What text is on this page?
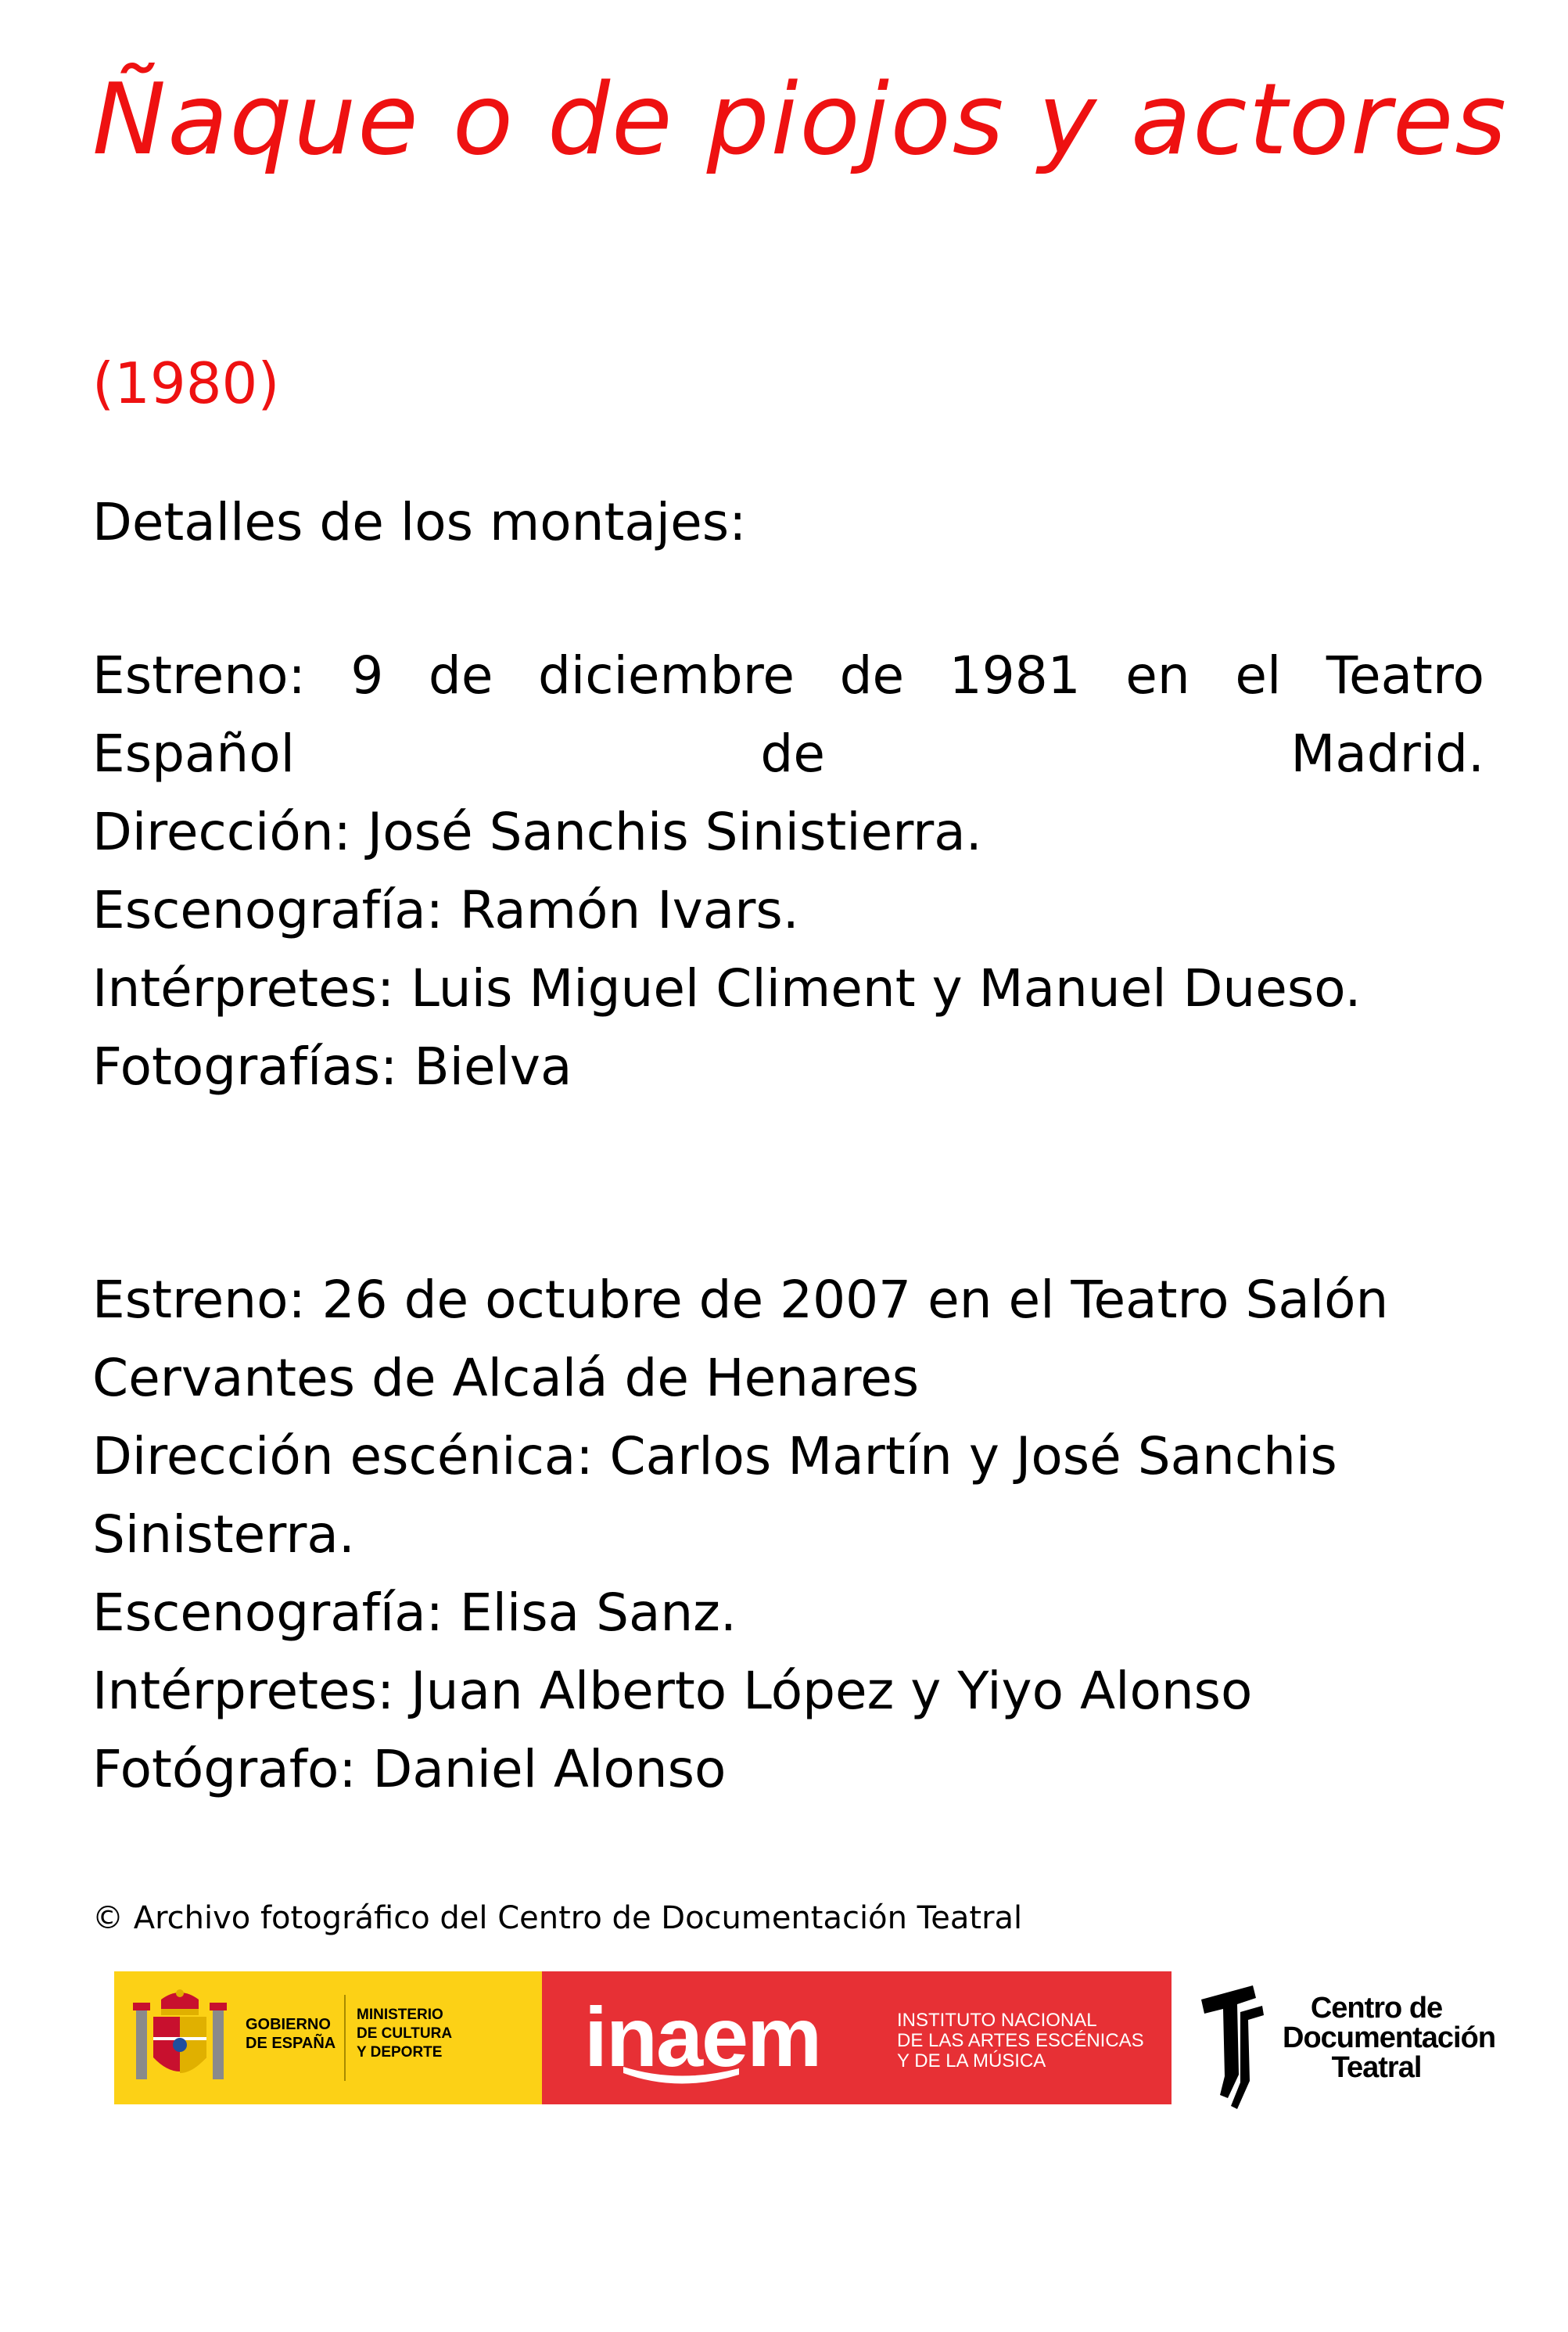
Ñaque o de piojos y actores
(1980)
Detalles de los montajes:

Estreno: 9 de diciembre de 1981 en el Teatro Español de Madrid.

Dirección: José Sanchis Sinistierra.

Escenografía: Ramón Ivars.

Intérpretes: Luis Miguel Climent y Manuel Dueso.

Fotografías: Bielva

Estreno: 26 de octubre de 2007 en el Teatro Salón Cervantes de Alcalá de Henares

Dirección escénica: Carlos Martín y José Sanchis Sinisterra.

Escenografía: Elisa Sanz.

Intérpretes: Juan Alberto López y Yiyo Alonso

Fotógrafo: Daniel Alonso

© Archivo fotográfico del Centro de Documentación Teatral
GOBIERNO
DE ESPAÑA
MINISTERIO
DE CULTURA
Y DEPORTE inaem	INSTITUTO NACIONAL
DE LAS ARTES ESCÉNICAS
Y DE LA MÚSICA
Centro de
Documentación
Teatral
